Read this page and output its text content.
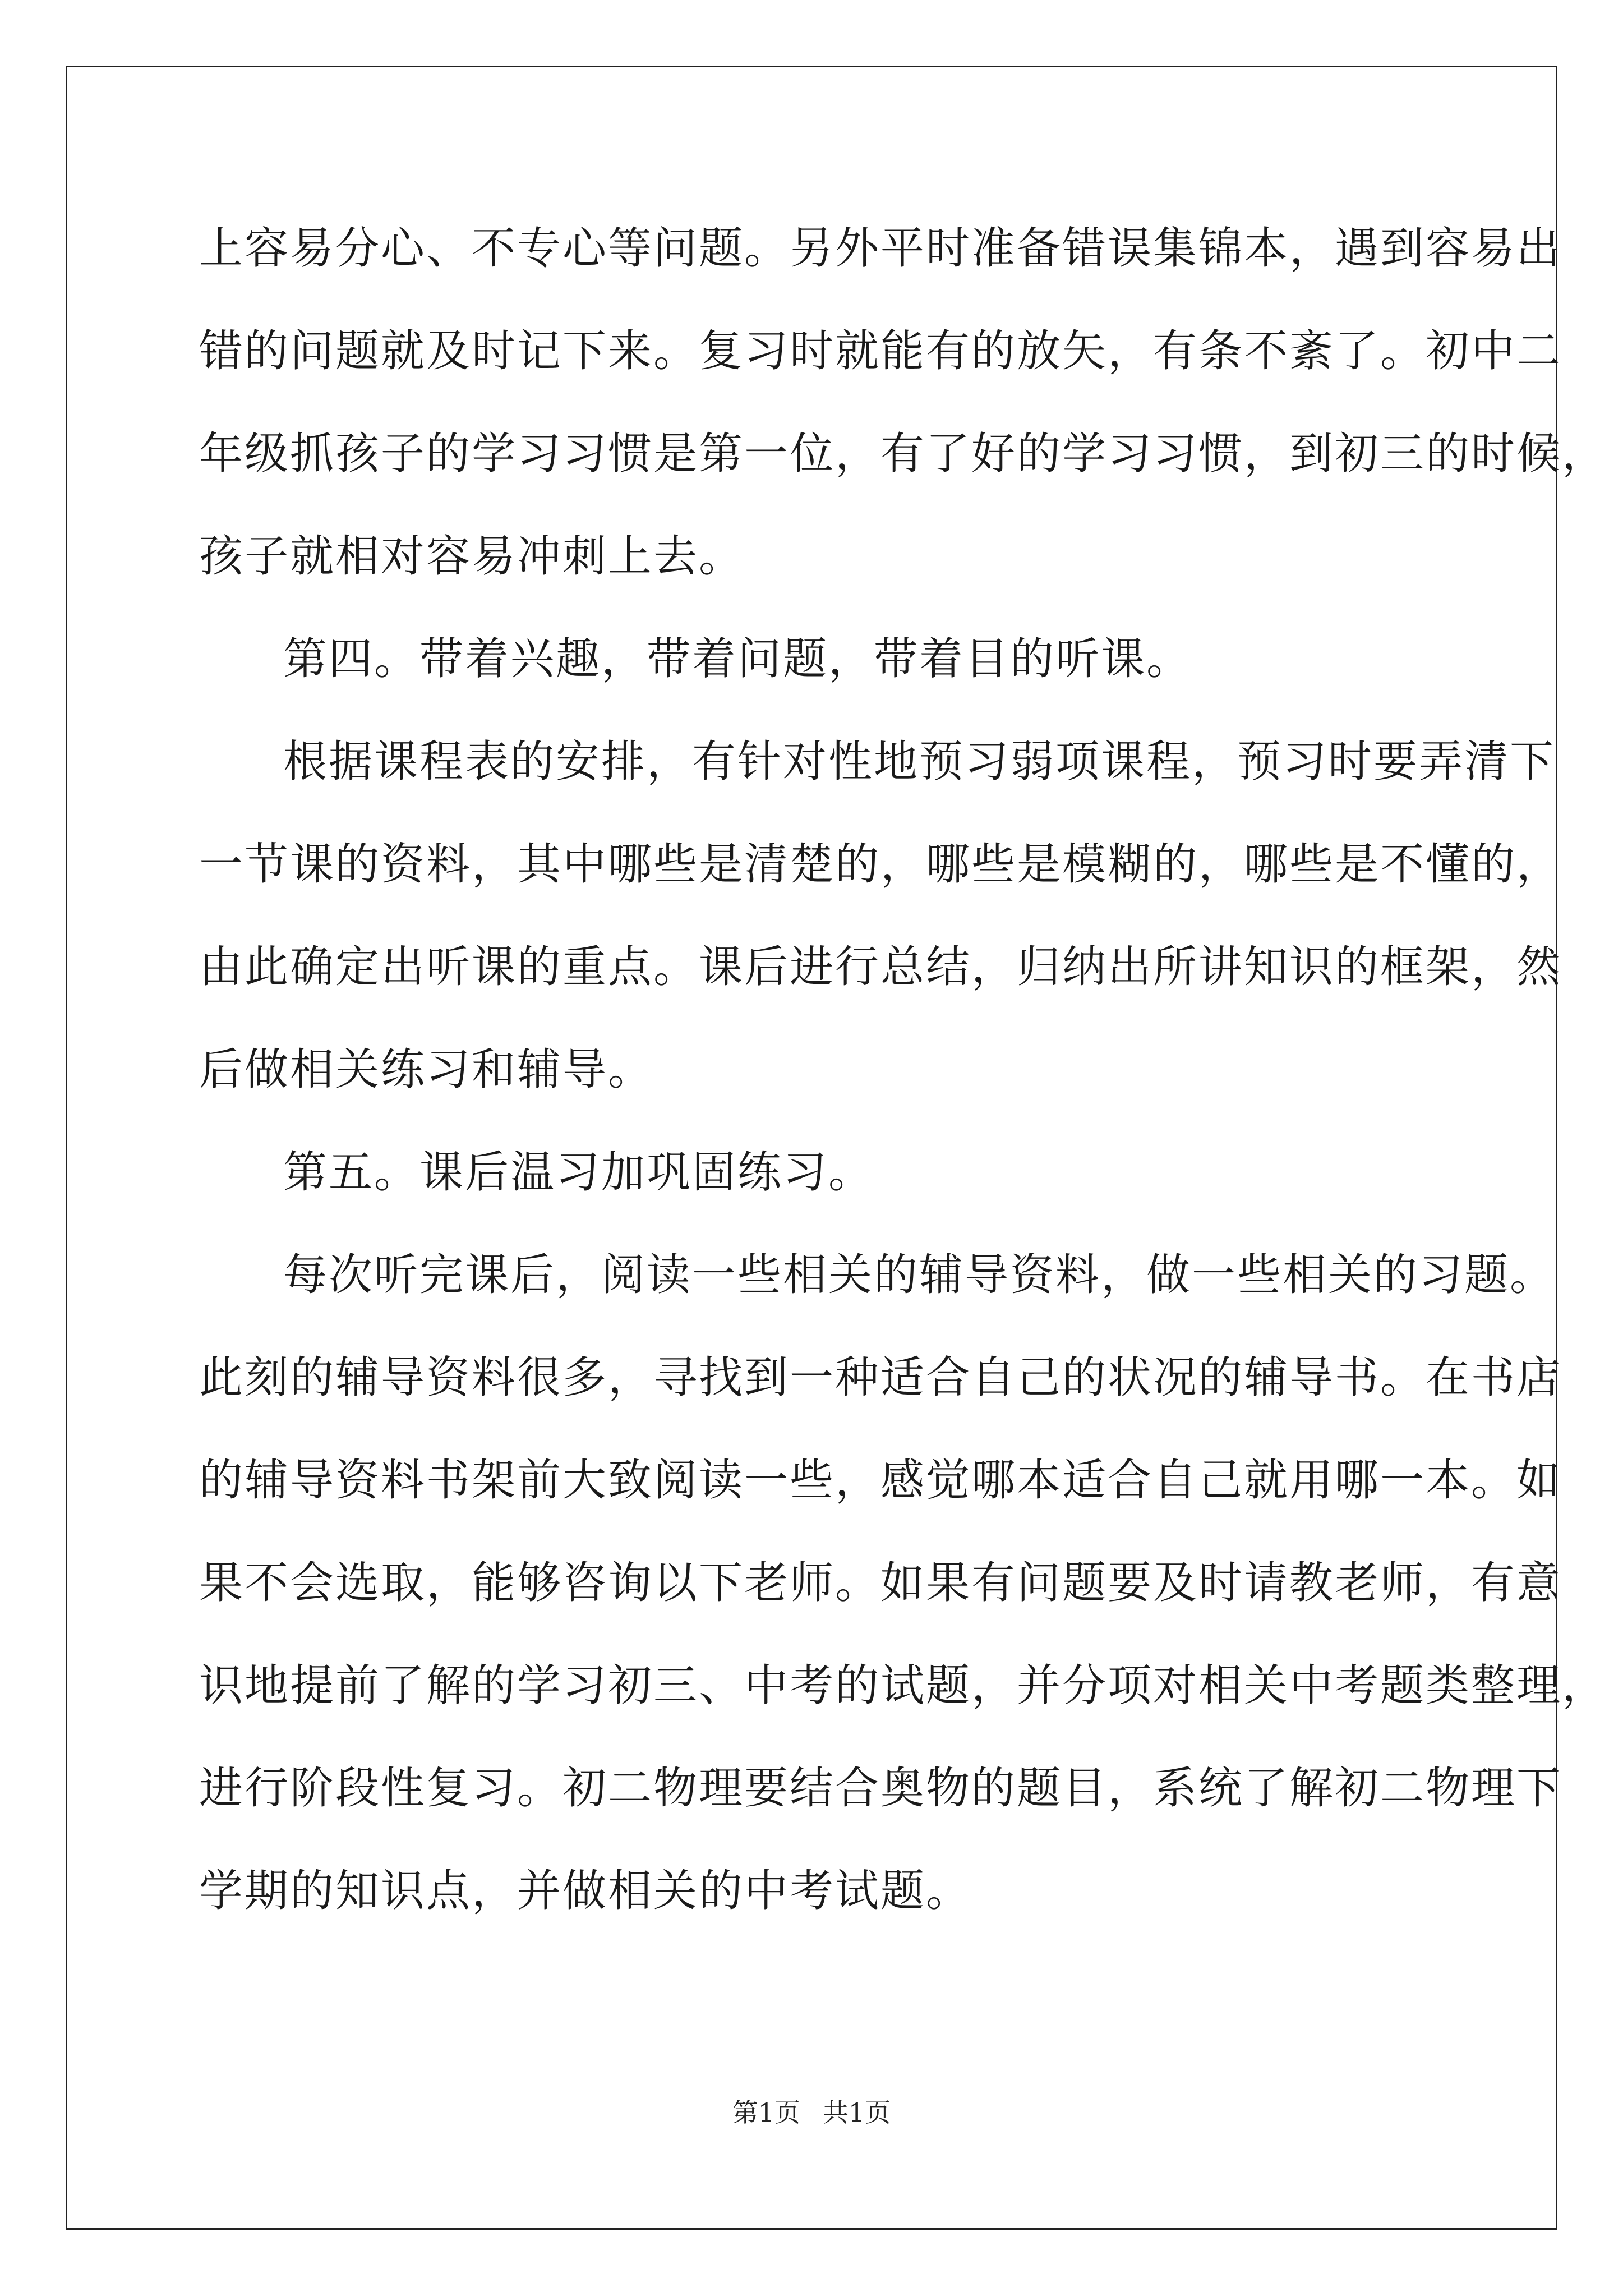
上容易分心、不专心等问题。另外平时准备错误集锦本，遇到容易出
错的问题就及时记下来。复习时就能有的放矢，有条不紊了。初中二
年级抓孩子的学习习惯是第一位，有了好的学习习惯，到初三的时候，
孩子就相对容易冲刺上去。
第四。带着兴趣，带着问题，带着目的听课。
根据课程表的安排，有针对性地预习弱项课程，预习时要弄清下
一节课的资料，其中哪些是清楚的，哪些是模糊的，哪些是不懂的，
由此确定出听课的重点。课后进行总结，归纳出所讲知识的框架，然
后做相关练习和辅导。
第五。课后温习加巩固练习。
每次听完课后，阅读一些相关的辅导资料，做一些相关的习题。
此刻的辅导资料很多，寻找到一种适合自己的状况的辅导书。在书店
的辅导资料书架前大致阅读一些，感觉哪本适合自己就用哪一本。如
果不会选取，能够咨询以下老师。如果有问题要及时请教老师，有意
识地提前了解的学习初三、中考的试题，并分项对相关中考题类整理，
进行阶段性复习。初二物理要结合奥物的题目，系统了解初二物理下
学期的知识点，并做相关的中考试题。
第1页 共1页
